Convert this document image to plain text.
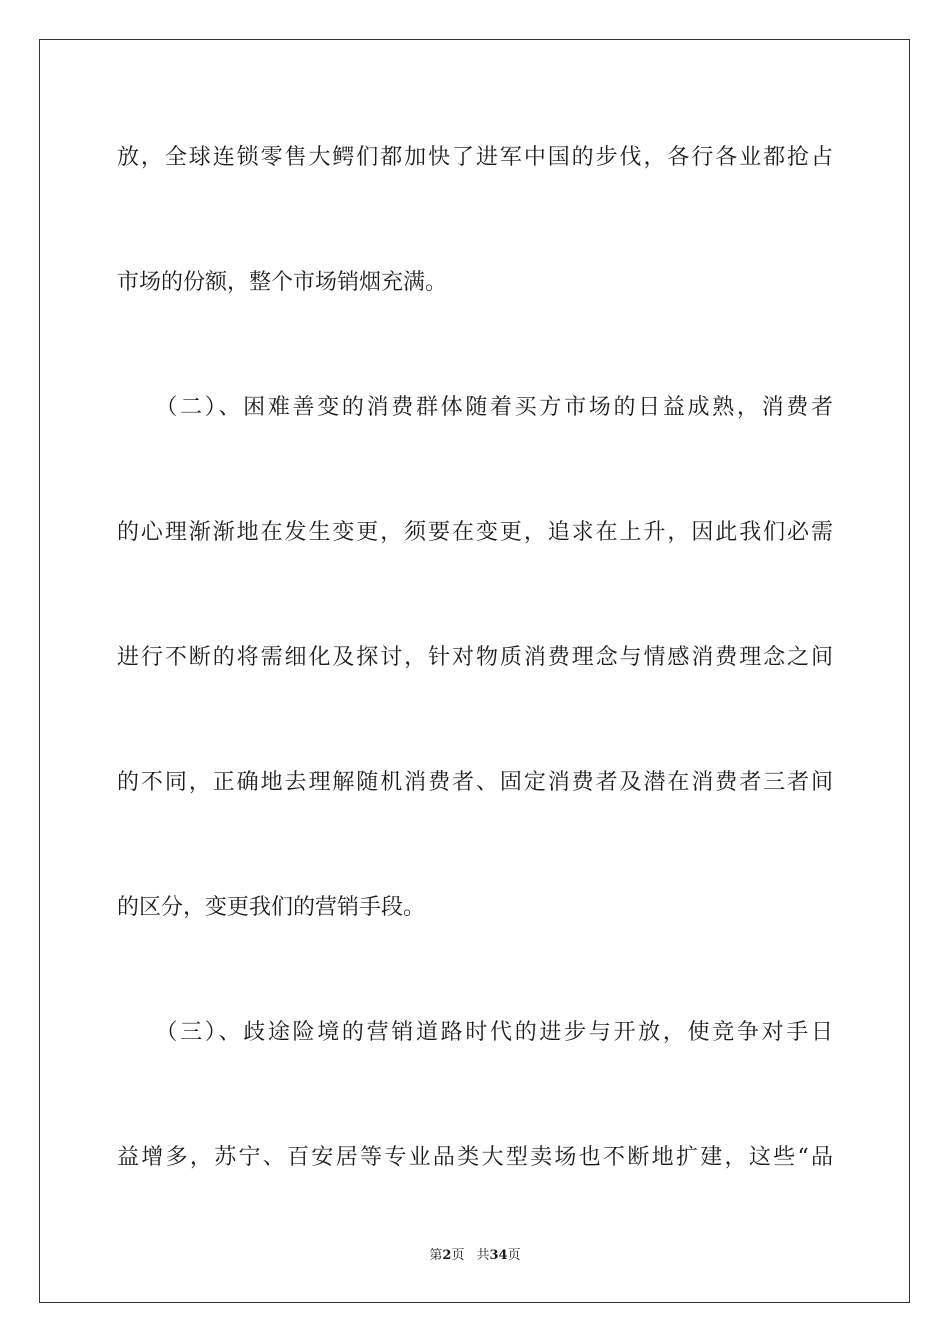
放，全球连锁零售大鳄们都加快了进军中国的步伐，各行各业都抢占
市场的份额，整个市场销烟充满。
　　（二）、困难善变的消费群体随着买方市场的日益成熟，消费者
的心理渐渐地在发生变更，须要在变更，追求在上升，因此我们必需
进行不断的将需细化及探讨，针对物质消费理念与情感消费理念之间
的不同，正确地去理解随机消费者、固定消费者及潜在消费者三者间
的区分，变更我们的营销手段。
　　（三）、歧途险境的营销道路时代的进步与开放，使竞争对手日
益增多，苏宁、百安居等专业品类大型卖场也不断地扩建，这些“品
第2页 共34页
